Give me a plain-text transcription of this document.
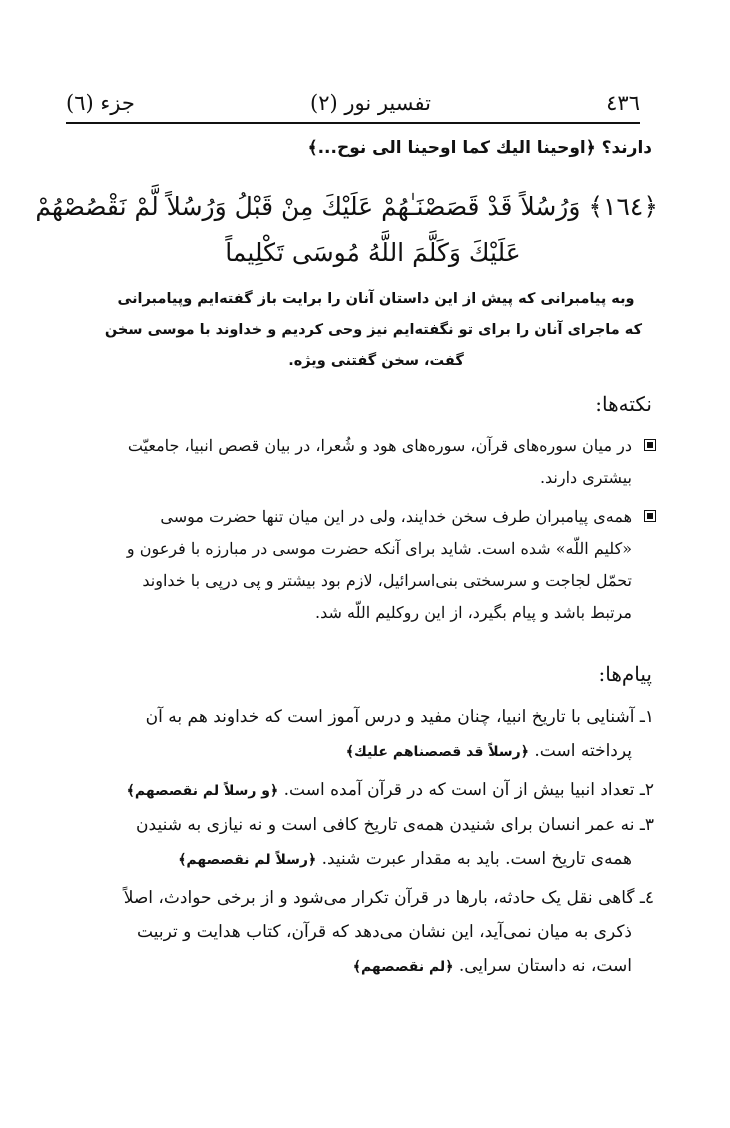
٤٣٦
تفسیر نور (٢)
جزء (٦)
دارند؟ ﴿اوحينا اليك كما اوحينا الى نوح...﴾
﴿١٦٤﴾ وَرُسُلاً قَدْ قَصَصْنَـٰهُمْ عَلَيْكَ مِنْ قَبْلُ وَرُسُلاً لَّمْ نَقْصُصْهُمْ
عَلَيْكَ وَكَلَّمَ اللَّهُ مُوسَى تَكْلِيماً
وبه پيامبرانى كه پيش از اين داستان آنان را برايت باز گفته‌ايم وپيامبرانى
كه ماجراى آنان را براى تو نگفته‌ايم نيز وحى كرديم و خداوند با موسى سخن
گفت، سخن گفتنى ويژه.
نکته‌ها:
در میان سوره‌های قرآن، سوره‌های هود و شُعرا، در بیان قصص انبیا، جامعیّت
بیشتری دارند.
همه‌ی پیامبران طرف سخن خدایند، ولی در این میان تنها حضرت موسی
«کلیم اللّه» شده است. شاید برای آنکه حضرت موسی در مبارزه با فرعون و
تحمّل لجاجت و سرسختی بنی‌اسرائیل، لازم بود بیشتر و پی درپی با خداوند
مرتبط باشد و پیام بگیرد، از این روکلیم اللّه شد.
پیام‌ها:
١ـ آشنایی با تاریخ انبیا، چنان مفید و درس آموز است که خداوند هم به آن
پرداخته است. ﴿رسلاً قد قصصناهم عليك﴾
٢ـ تعداد انبیا بیش از آن است که در قرآن آمده است. ﴿و رسلاً لم نقصصهم﴾
٣ـ نه عمر انسان برای شنیدن همه‌ی تاریخ کافی است و نه نیازی به شنیدن
همه‌ی تاریخ است. باید به مقدار عبرت شنید. ﴿رسلاً لم نقصصهم﴾
٤ـ گاهی نقل یک حادثه، بارها در قرآن تکرار می‌شود و از برخی حوادث، اصلاً
ذکری به میان نمی‌آید، این نشان می‌دهد که قرآن، کتاب هدایت و تربیت
است، نه داستان سرایی. ﴿لم نقصصهم﴾
